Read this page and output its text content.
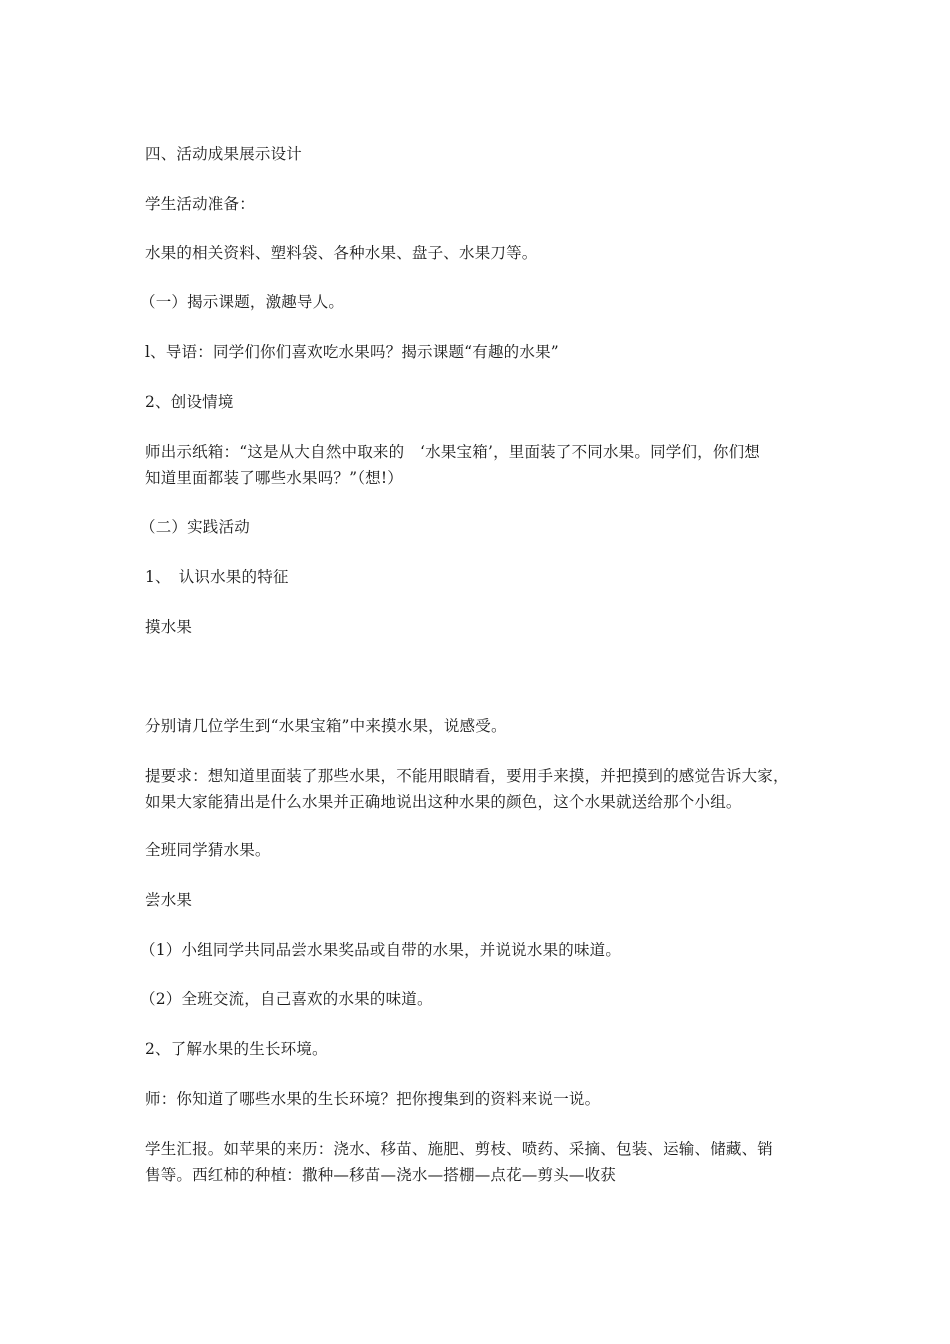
四、活动成果展示设计
学生活动准备：
水果的相关资料、塑料袋、各种水果、盘子、水果刀等。
（一）揭示课题，激趣导人。
l、导语：同学们你们喜欢吃水果吗？揭示课题“有趣的水果”
2、创设情境
师出示纸箱：“这是从大自然中取来的　‘水果宝箱’，里面装了不同水果。同学们，你们想
知道里面都装了哪些水果吗？”（想!）
（二）实践活动
1、　认识水果的特征
摸水果
分别请几位学生到“水果宝箱”中来摸水果，说感受。
提要求：想知道里面装了那些水果，不能用眼睛看，要用手来摸，并把摸到的感觉告诉大家，
如果大家能猜出是什么水果并正确地说出这种水果的颜色，这个水果就送给那个小组。
全班同学猜水果。
尝水果
（1）小组同学共同品尝水果奖品或自带的水果，并说说水果的味道。
（2）全班交流，自己喜欢的水果的味道。
2、了解水果的生长环境。
师：你知道了哪些水果的生长环境？把你搜集到的资料来说一说。
学生汇报。如苹果的来历：浇水、移苗、施肥、剪枝、喷药、采摘、包装、运输、储藏、销
售等。西红柿的种植：撒种—移苗—浇水—搭棚—点花—剪头—收获
